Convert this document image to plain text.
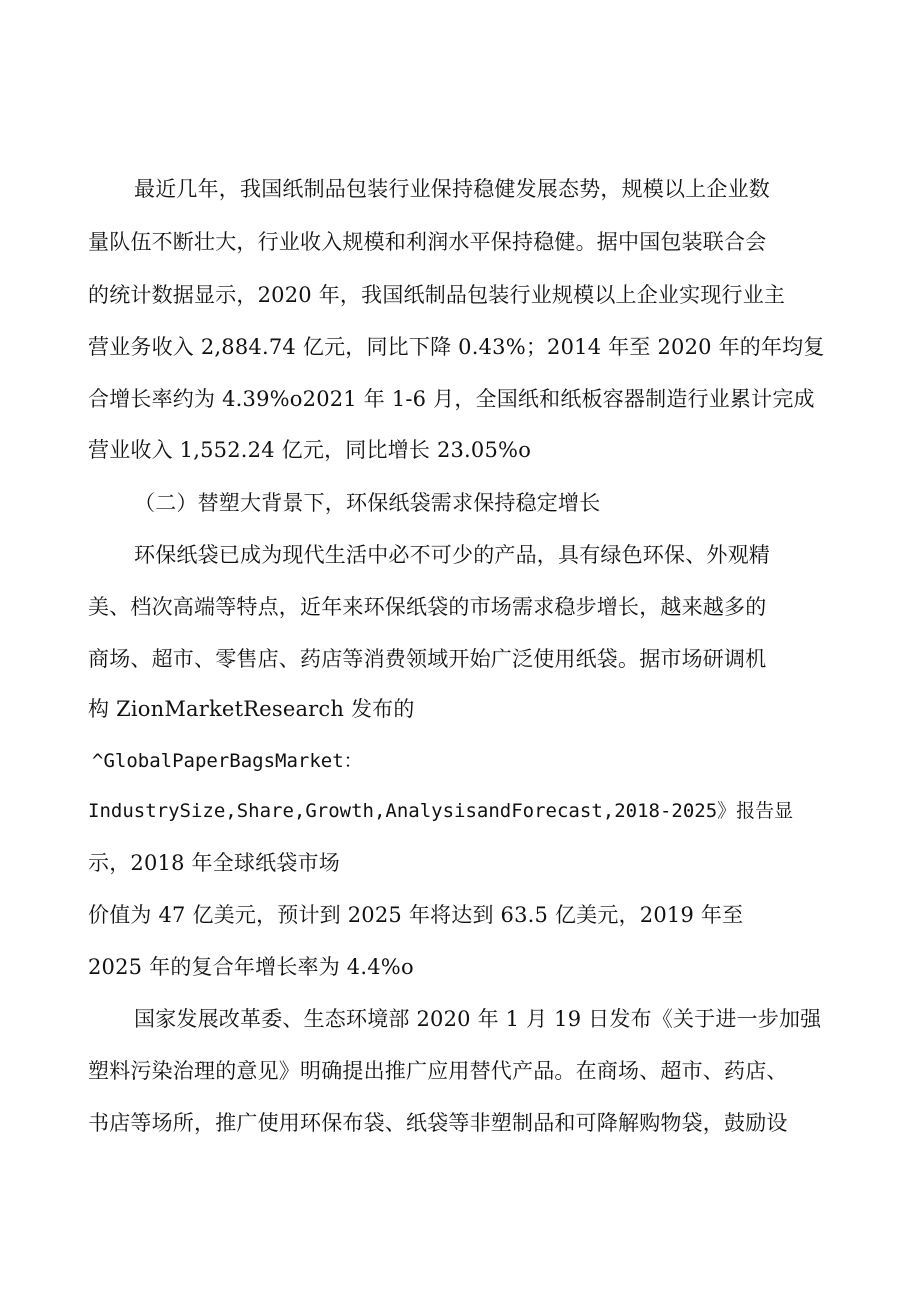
最近几年，我国纸制品包装行业保持稳健发展态势，规模以上企业数

量队伍不断壮大，行业收入规模和利润水平保持稳健。据中国包装联合会

的统计数据显示，2020 年，我国纸制品包装行业规模以上企业实现行业主

营业务收入 2,884.74 亿元，同比下降 0.43%；2014 年至 2020 年的年均复

合增长率约为 4.39%o2021 年 1-6 月，全国纸和纸板容器制造行业累计完成

营业收入 1,552.24 亿元，同比增长 23.05%o

（二）替塑大背景下，环保纸袋需求保持稳定增长

环保纸袋已成为现代生活中必不可少的产品，具有绿色环保、外观精

美、档次高端等特点，近年来环保纸袋的市场需求稳步增长，越来越多的

商场、超市、零售店、药店等消费领域开始广泛使用纸袋。据市场研调机

构 ZionMarketResearch 发布的

^GlobalPaperBagsMarket：

IndustrySize,Share,Growth,AnalysisandForecast,2018-2025》报告显

示，2018 年全球纸袋市场

价值为 47 亿美元，预计到 2025 年将达到 63.5 亿美元，2019 年至

2025 年的复合年增长率为 4.4%o

国家发展改革委、生态环境部 2020 年 1 月 19 日发布《关于进一步加强

塑料污染治理的意见》明确提出推广应用替代产品。在商场、超市、药店、

书店等场所，推广使用环保布袋、纸袋等非塑制品和可降解购物袋，鼓励设
